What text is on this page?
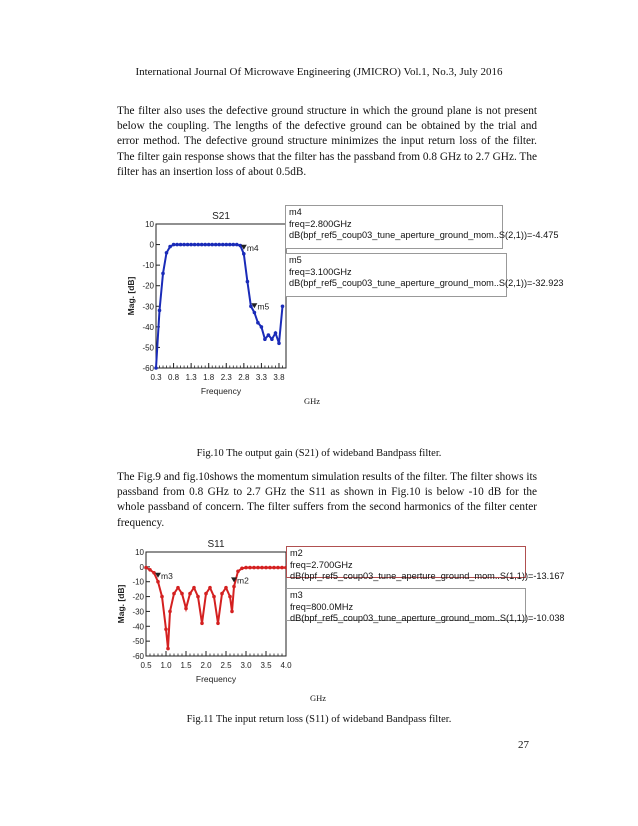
International Journal Of Microwave Engineering (JMICRO) Vol.1, No.3, July 2016

The filter also uses the defective ground structure in which the ground plane is not present below the coupling. The lengths of the defective ground can be obtained by the trial and error method. The defective ground structure minimizes the input return loss of the filter. The filter gain response shows that the filter has the passband from 0.8 GHz to 2.7 GHz. The filter has an insertion loss of about 0.5dB.

S21
10
0
-10
-20
-30
-40
-50
-60
0.3 0.8 1.3 1.8 2.3 2.8 3.3 3.8
Frequency
Mag. [dB]
m4
m5
m4
freq=2.800GHz
dB(bpf_ref5_coup03_tune_aperture_ground_mom..S(2,1))=-4.475
m5
freq=3.100GHz
dB(bpf_ref5_coup03_tune_aperture_ground_mom..S(2,1))=-32.923
GHz
Fig.10 The output gain (S21) of wideband Bandpass filter.

The Fig.9 and fig.10shows the momentum simulation results of the filter. The filter shows its passband from 0.8 GHz to 2.7 GHz the S11 as shown in Fig.10 is below -10 dB for the whole passband of concern. The filter suffers from the second harmonics of the filter center frequency.

S11
10
0
-10
-20
-30
-40
-50
-60
0.5 1.0 1.5 2.0 2.5 3.0 3.5 4.0
Frequency
Mag. [dB]
m3	m2
m2
freq=2.700GHz
dB(bpf_ref5_coup03_tune_aperture_ground_mom..S(1,1))=-13.167
m3
freq=800.0MHz
dB(bpf_ref5_coup03_tune_aperture_ground_mom..S(1,1))=-10.038
GHz
Fig.11 The input return loss (S11) of wideband Bandpass filter.
27
